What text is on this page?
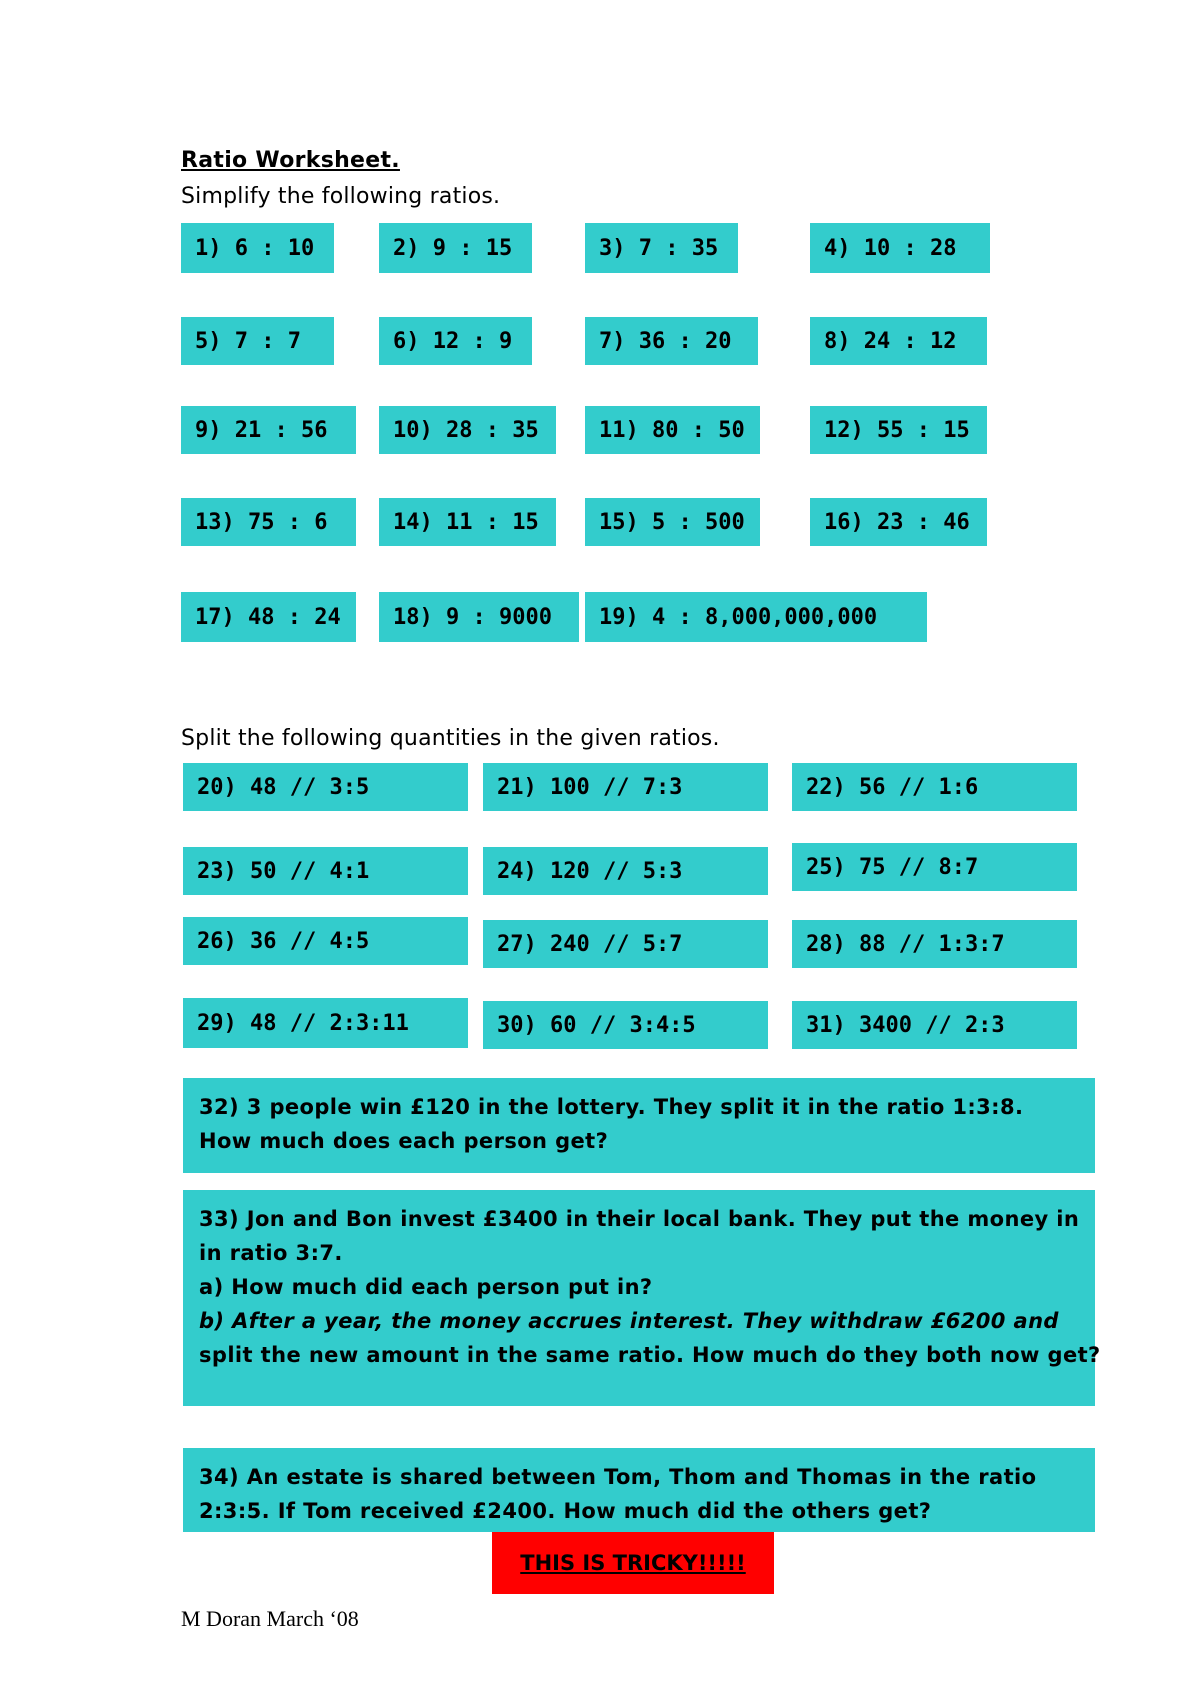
Ratio Worksheet.
Simplify the following ratios.
1) 6 : 10	2) 9 : 15	3) 7 : 35	4) 10 : 28
5) 7 : 7	6) 12 : 9	7) 36 : 20	8) 24 : 12
9) 21 : 56	10) 28 : 35	11) 80 : 50	12) 55 : 15
13) 75 : 6	14) 11 : 15	15) 5 : 500	16) 23 : 46
17) 48 : 24	18) 9 : 9000	19) 4 : 8,000,000,000
Split the following quantities in the given ratios.
20) 48 // 3:5	21) 100 // 7:3	22) 56 // 1:6
23) 50 // 4:1	24) 120 // 5:3	25) 75 // 8:7
26) 36 // 4:5	27) 240 // 5:7	28) 88 // 1:3:7
29) 48 // 2:3:11	30) 60 // 3:4:5	31) 3400 // 2:3
32) 3 people win £120 in the lottery. They split it in the ratio 1:3:8.
How much does each person get?
33) Jon and Bon invest £3400 in their local bank. They put the money in
in ratio 3:7.
a) How much did each person put in?
b) After a year, the money accrues interest. They withdraw £6200 and
split the new amount in the same ratio. How much do they both now get?
34) An estate is shared between Tom, Thom and Thomas in the ratio
2:3:5. If Tom received £2400. How much did the others get?
THIS IS TRICKY!!!!!
M Doran March ‘08
